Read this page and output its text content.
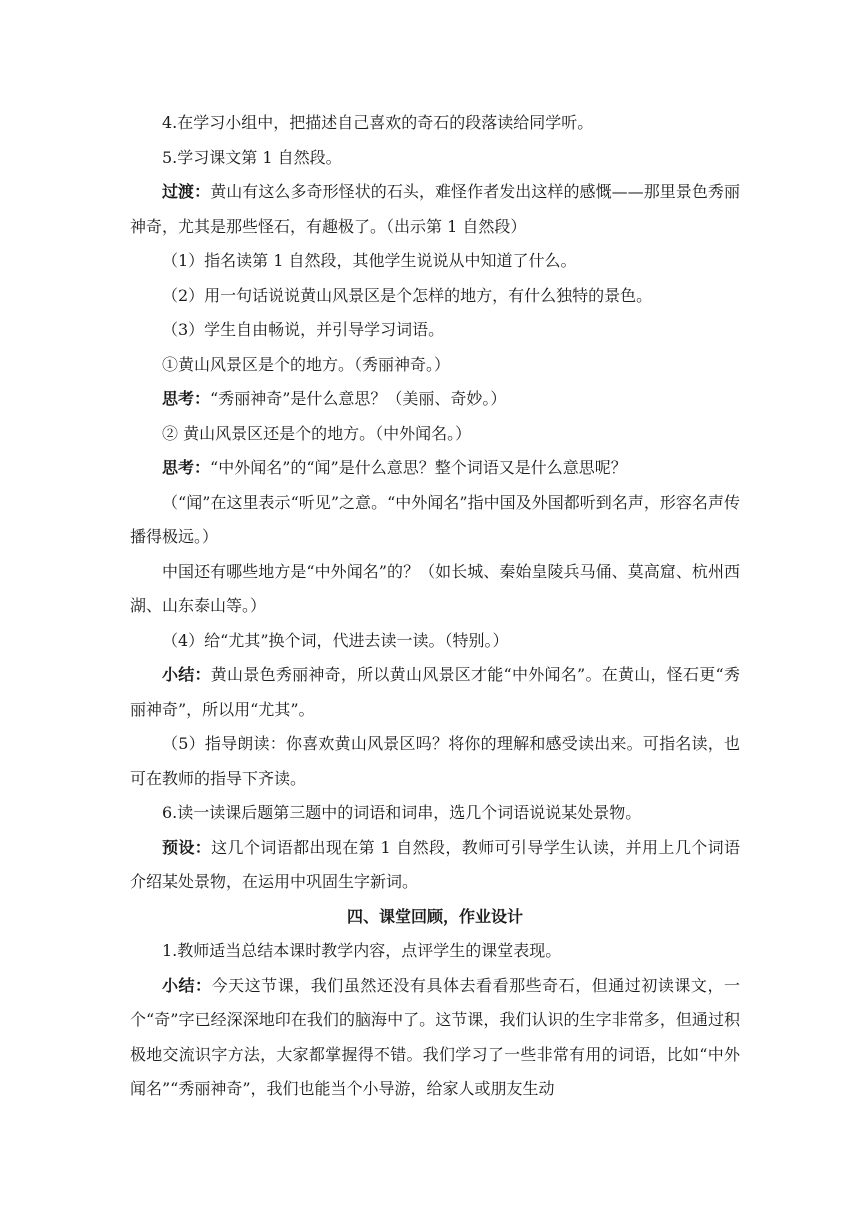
4.在学习小组中，把描述自己喜欢的奇石的段落读给同学听。

5.学习课文第 1 自然段。

过渡：黄山有这么多奇形怪状的石头，难怪作者发出这样的感慨——那里景色秀丽神奇，尤其是那些怪石，有趣极了。（出示第 1 自然段）

（1）指名读第 1 自然段，其他学生说说从中知道了什么。

（2）用一句话说说黄山风景区是个怎样的地方，有什么独特的景色。

（3）学生自由畅说，并引导学习词语。

①黄山风景区是个的地方。（秀丽神奇。）

思考：“秀丽神奇”是什么意思？（美丽、奇妙。）

② 黄山风景区还是个的地方。（中外闻名。）

思考：“中外闻名”的“闻”是什么意思？整个词语又是什么意思呢？

（“闻”在这里表示“听见”之意。“中外闻名”指中国及外国都听到名声，形容名声传播得极远。）

中国还有哪些地方是“中外闻名”的？（如长城、秦始皇陵兵马俑、莫高窟、杭州西湖、山东泰山等。）

（4）给“尤其”换个词，代进去读一读。（特别。）

小结：黄山景色秀丽神奇，所以黄山风景区才能“中外闻名”。在黄山，怪石更“秀丽神奇”，所以用“尤其”。

（5）指导朗读：你喜欢黄山风景区吗？将你的理解和感受读出来。可指名读，也可在教师的指导下齐读。

6.读一读课后题第三题中的词语和词串，选几个词语说说某处景物。

预设：这几个词语都出现在第 1 自然段，教师可引导学生认读，并用上几个词语介绍某处景物，在运用中巩固生字新词。

四、课堂回顾，作业设计

1.教师适当总结本课时教学内容，点评学生的课堂表现。

小结：今天这节课，我们虽然还没有具体去看看那些奇石，但通过初读课文，一个“奇”字已经深深地印在我们的脑海中了。这节课，我们认识的生字非常多，但通过积极地交流识字方法，大家都掌握得不错。我们学习了一些非常有用的词语，比如“中外闻名”“秀丽神奇”，我们也能当个小导游，给家人或朋友生动
